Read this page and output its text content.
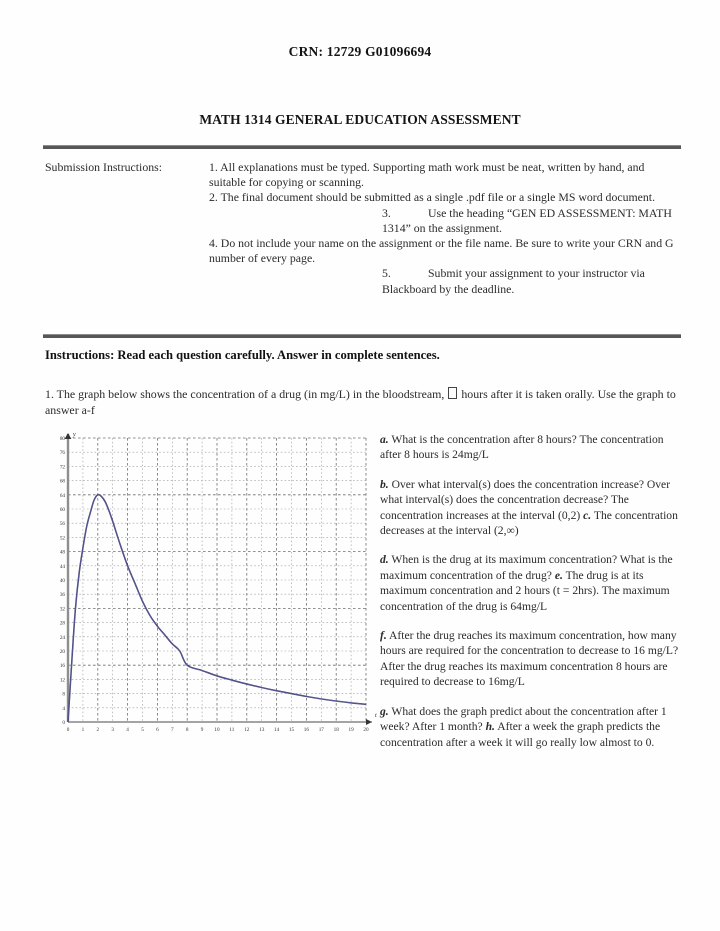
CRN: 12729 G01096694
MATH 1314 GENERAL EDUCATION ASSESSMENT
Submission Instructions:	1. All explanations must be typed. Supporting math work must be neat, written by hand, and suitable for copying or scanning.

2. The final document should be submitted as a single .pdf file or a single MS word document.

3.	Use the heading “GEN ED ASSESSMENT: MATH 1314” on the assignment.

4. Do not include your name on the assignment or the file name. Be sure to write your CRN and G number of every page.

5.	Submit your assignment to your instructor via Blackboard by the deadline.

Instructions: Read each question carefully. Answer in complete sentences.
1. The graph below shows the concentration of a drug (in mg/L) in the bloodstream, hours after it is taken orally. Use the graph to answer a-f
0 1 2 3 4 5 6 7 8 9 10 11 12 13 14 15 16 17 18 19 20
4
8
12
16
20
24
28
32
36
40
44
48
52
56
60
64
68
72
76
80
0
t
y	a. What is the concentration after 8 hours? The concentration after 8 hours is 24mg/L

b. Over what interval(s) does the concentration increase? Over what interval(s) does the concentration decrease? The concentration increases at the interval (0,2) c. The concentration decreases at the interval (2,∞)

d. When is the drug at its maximum concentration? What is the maximum concentration of the drug? e. The drug is at its maximum concentration and 2 hours (t = 2hrs). The maximum concentration of the drug is 64mg/L

f. After the drug reaches its maximum concentration, how many hours are required for the concentration to decrease to 16 mg/L? After the drug reaches its maximum concentration 8 hours are required to decrease to 16mg/L

g. What does the graph predict about the concentration after 1 week? After 1 month? h. After a week the graph predicts the concentration after a week it will go really low almost to 0.
